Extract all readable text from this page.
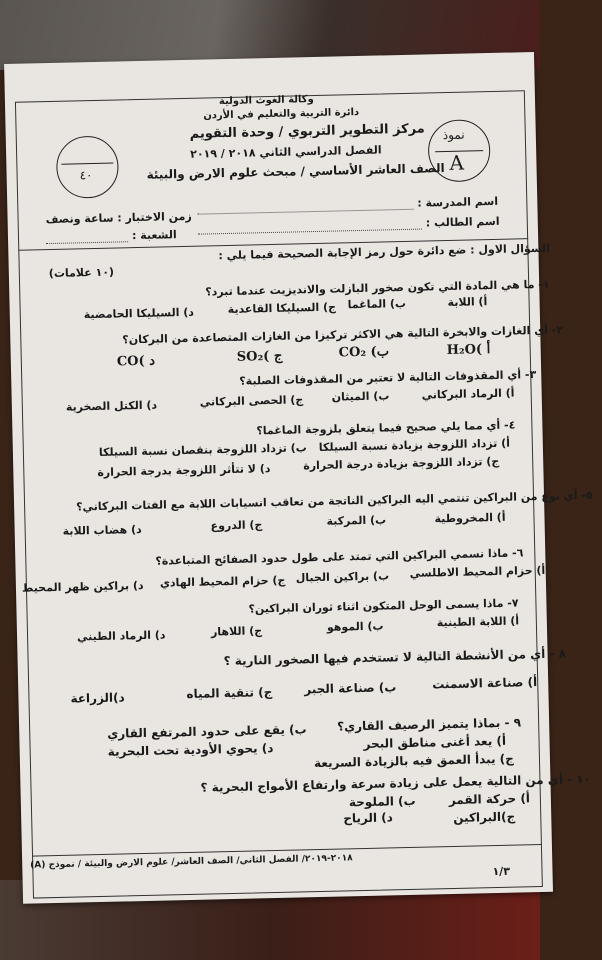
وكالة الغوث الدولية
دائرة التربية والتعليم في الأردن
مركز التطوير التربوي / وحدة التقويم
الفصل الدراسي الثاني ٢٠١٨ / ٢٠١٩
الصف العاشر الأساسي / مبحث علوم الارض والبيئة
نموذ
A
٤٠
اسم المدرسة :
زمن الاختبار : ساعة ونصف	اسم الطالب :
الشعبة :
السؤال الاول : ضع دائرة حول رمز الإجابة الصحيحة فيما يلي :
(١٠ علامات)
١- ما هي المادة التي تكون صخور البازلت والانديزيت عندما تبرد؟
أ) اللابة
ب) الماغما
ج) السيليكا القاعدية
د) السيليكا الحامضية
٢- أي الغازات والابخرة التالية هي الاكثر تركيزا من الغازات المتصاعدة من البركان؟
H₂O( أ
CO₂ (ب
SO₂( ج
CO( د
٣- أي المقذوفات التالية لا تعتبر من المقذوفات الصلبة؟
أ) الرماد البركاني
ب) الميثان
ج) الحصى البركاني
د) الكتل الصخرية
٤- أي مما يلي صحيح فيما يتعلق بلزوجة الماغما؟
أ) تزداد اللزوجة بزيادة نسبة السيلكا
ب) تزداد اللزوجة بنقصان نسبة السيلكا
ج) تزداد اللزوجة بزيادة درجة الحرارة
د) لا تتأثر اللزوجة بدرجة الحرارة
٥- أي نوع من البراكين تنتمي اليه البراكين الناتجة من تعاقب انسيابات اللابة مع الفتات البركاني؟
أ) المخروطية
ب) المركبة
ج) الدروع
د) هضاب اللابة
٦- ماذا نسمي البراكين التي تمتد على طول حدود الصفائح المتباعدة؟
أ) حزام المحيط الاطلسي
ب) براكين الجبال
ج) حزام المحيط الهادي
د) براكين ظهر المحيط
٧- ماذا يسمى الوحل المتكون اثناء ثوران البراكين؟
أ) اللابة الطينية
ب) الموهو
ج) اللاهار
د) الرماد الطيني
٨ - أي من الأنشطة التالية لا تستخدم فيها الصخور النارية ؟
أ) صناعة الاسمنت
ب) صناعة الجبر
ج) تنقية المياه
د)الزراعة
٩ - بماذا يتميز الرصيف القاري؟
أ) يعد أغنى مناطق البحر
ب) يقع على حدود المرتفع القاري
ج) يبدأ العمق فيه بالزيادة السريعة
د) يحوي الأودية تحت البحرية
١٠ - أي من التالية يعمل على زيادة سرعة وارتفاع الأمواج البحرية ؟
أ) حركة القمر
ب) الملوحة
ج)البراكين
د) الرياح
٢٠١٨-٢٠١٩/ الفصل الثاني/ الصف العاشر/ علوم الارض والبيئة / نموذج (A)
١/٣
